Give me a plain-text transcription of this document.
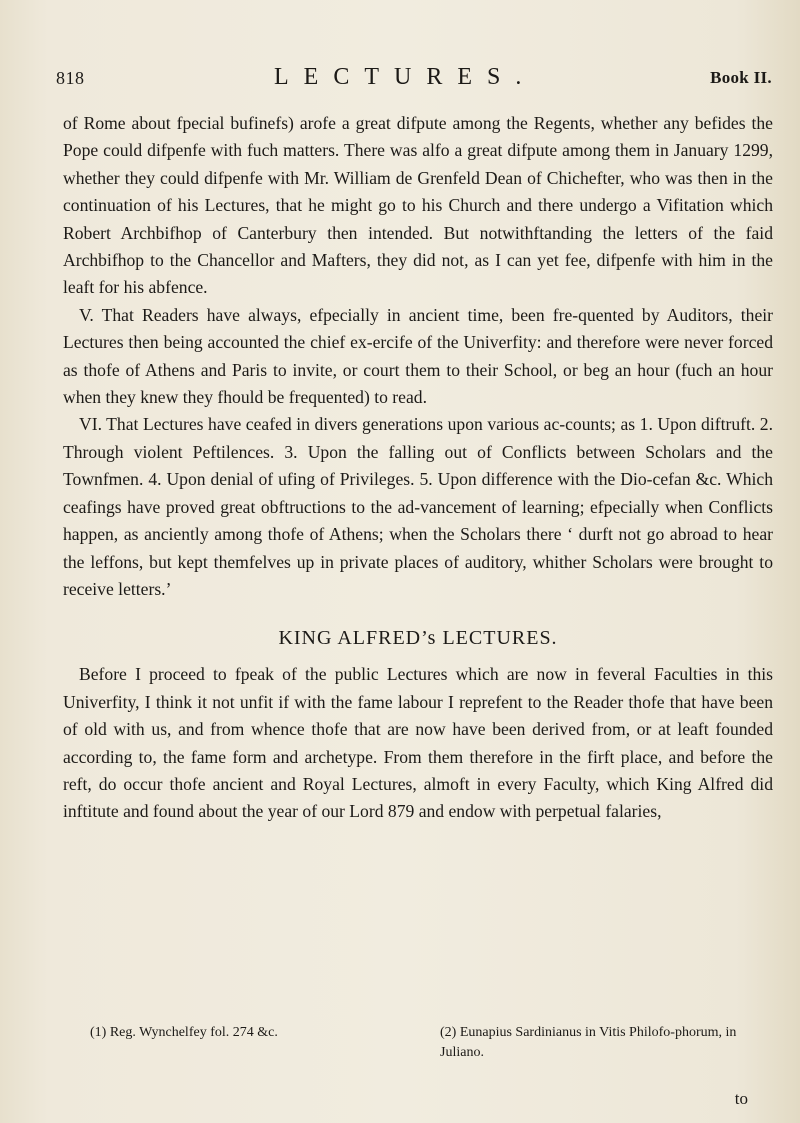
818	LECTURES.	Book II.

of Rome about fpecial bufinefs) arofe a great difpute among the Regents, whether any befides the Pope could difpenfe with fuch matters. There was alfo a great difpute among them in January 1299, whether they could difpenfe with Mr. William de Grenfeld Dean of Chichefter, who was then in the continuation of his Lectures, that he might go to his Church and there undergo a Vifitation which Robert Archbifhop of Canterbury then intended. But notwithftanding the letters of the faid Archbifhop to the Chancellor and Mafters, they did not, as I can yet fee, difpenfe with him in the leaft for his abfence.

V. That Readers have always, efpecially in ancient time, been fre-quented by Auditors, their Lectures then being accounted the chief ex-ercife of the Univerfity: and therefore were never forced as thofe of Athens and Paris to invite, or court them to their School, or beg an hour (fuch an hour when they knew they fhould be frequented) to read.

VI. That Lectures have ceafed in divers generations upon various ac-counts; as 1. Upon diftruft. 2. Through violent Peftilences. 3. Upon the falling out of Conflicts between Scholars and the Townfmen. 4. Upon denial of ufing of Privileges. 5. Upon difference with the Dio-cefan &c. Which ceafings have proved great obftructions to the ad-vancement of learning; efpecially when Conflicts happen, as anciently among thofe of Athens; when the Scholars there ‘ durft not go abroad to hear the leffons, but kept themfelves up in private places of auditory, whither Scholars were brought to receive letters.’

KING ALFRED’s LECTURES.

Before I proceed to fpeak of the public Lectures which are now in feveral Faculties in this Univerfity, I think it not unfit if with the fame labour I reprefent to the Reader thofe that have been of old with us, and from whence thofe that are now have been derived from, or at leaft founded according to, the fame form and archetype. From them therefore in the firft place, and before the reft, do occur thofe ancient and Royal Lectures, almoft in every Faculty, which King Alfred did inftitute and found about the year of our Lord 879 and endow with perpetual falaries,

(1) Reg. Wynchelfey fol. 274 &c.	(2) Eunapius Sardinianus in Vitis Philofo-phorum, in Juliano.
to
